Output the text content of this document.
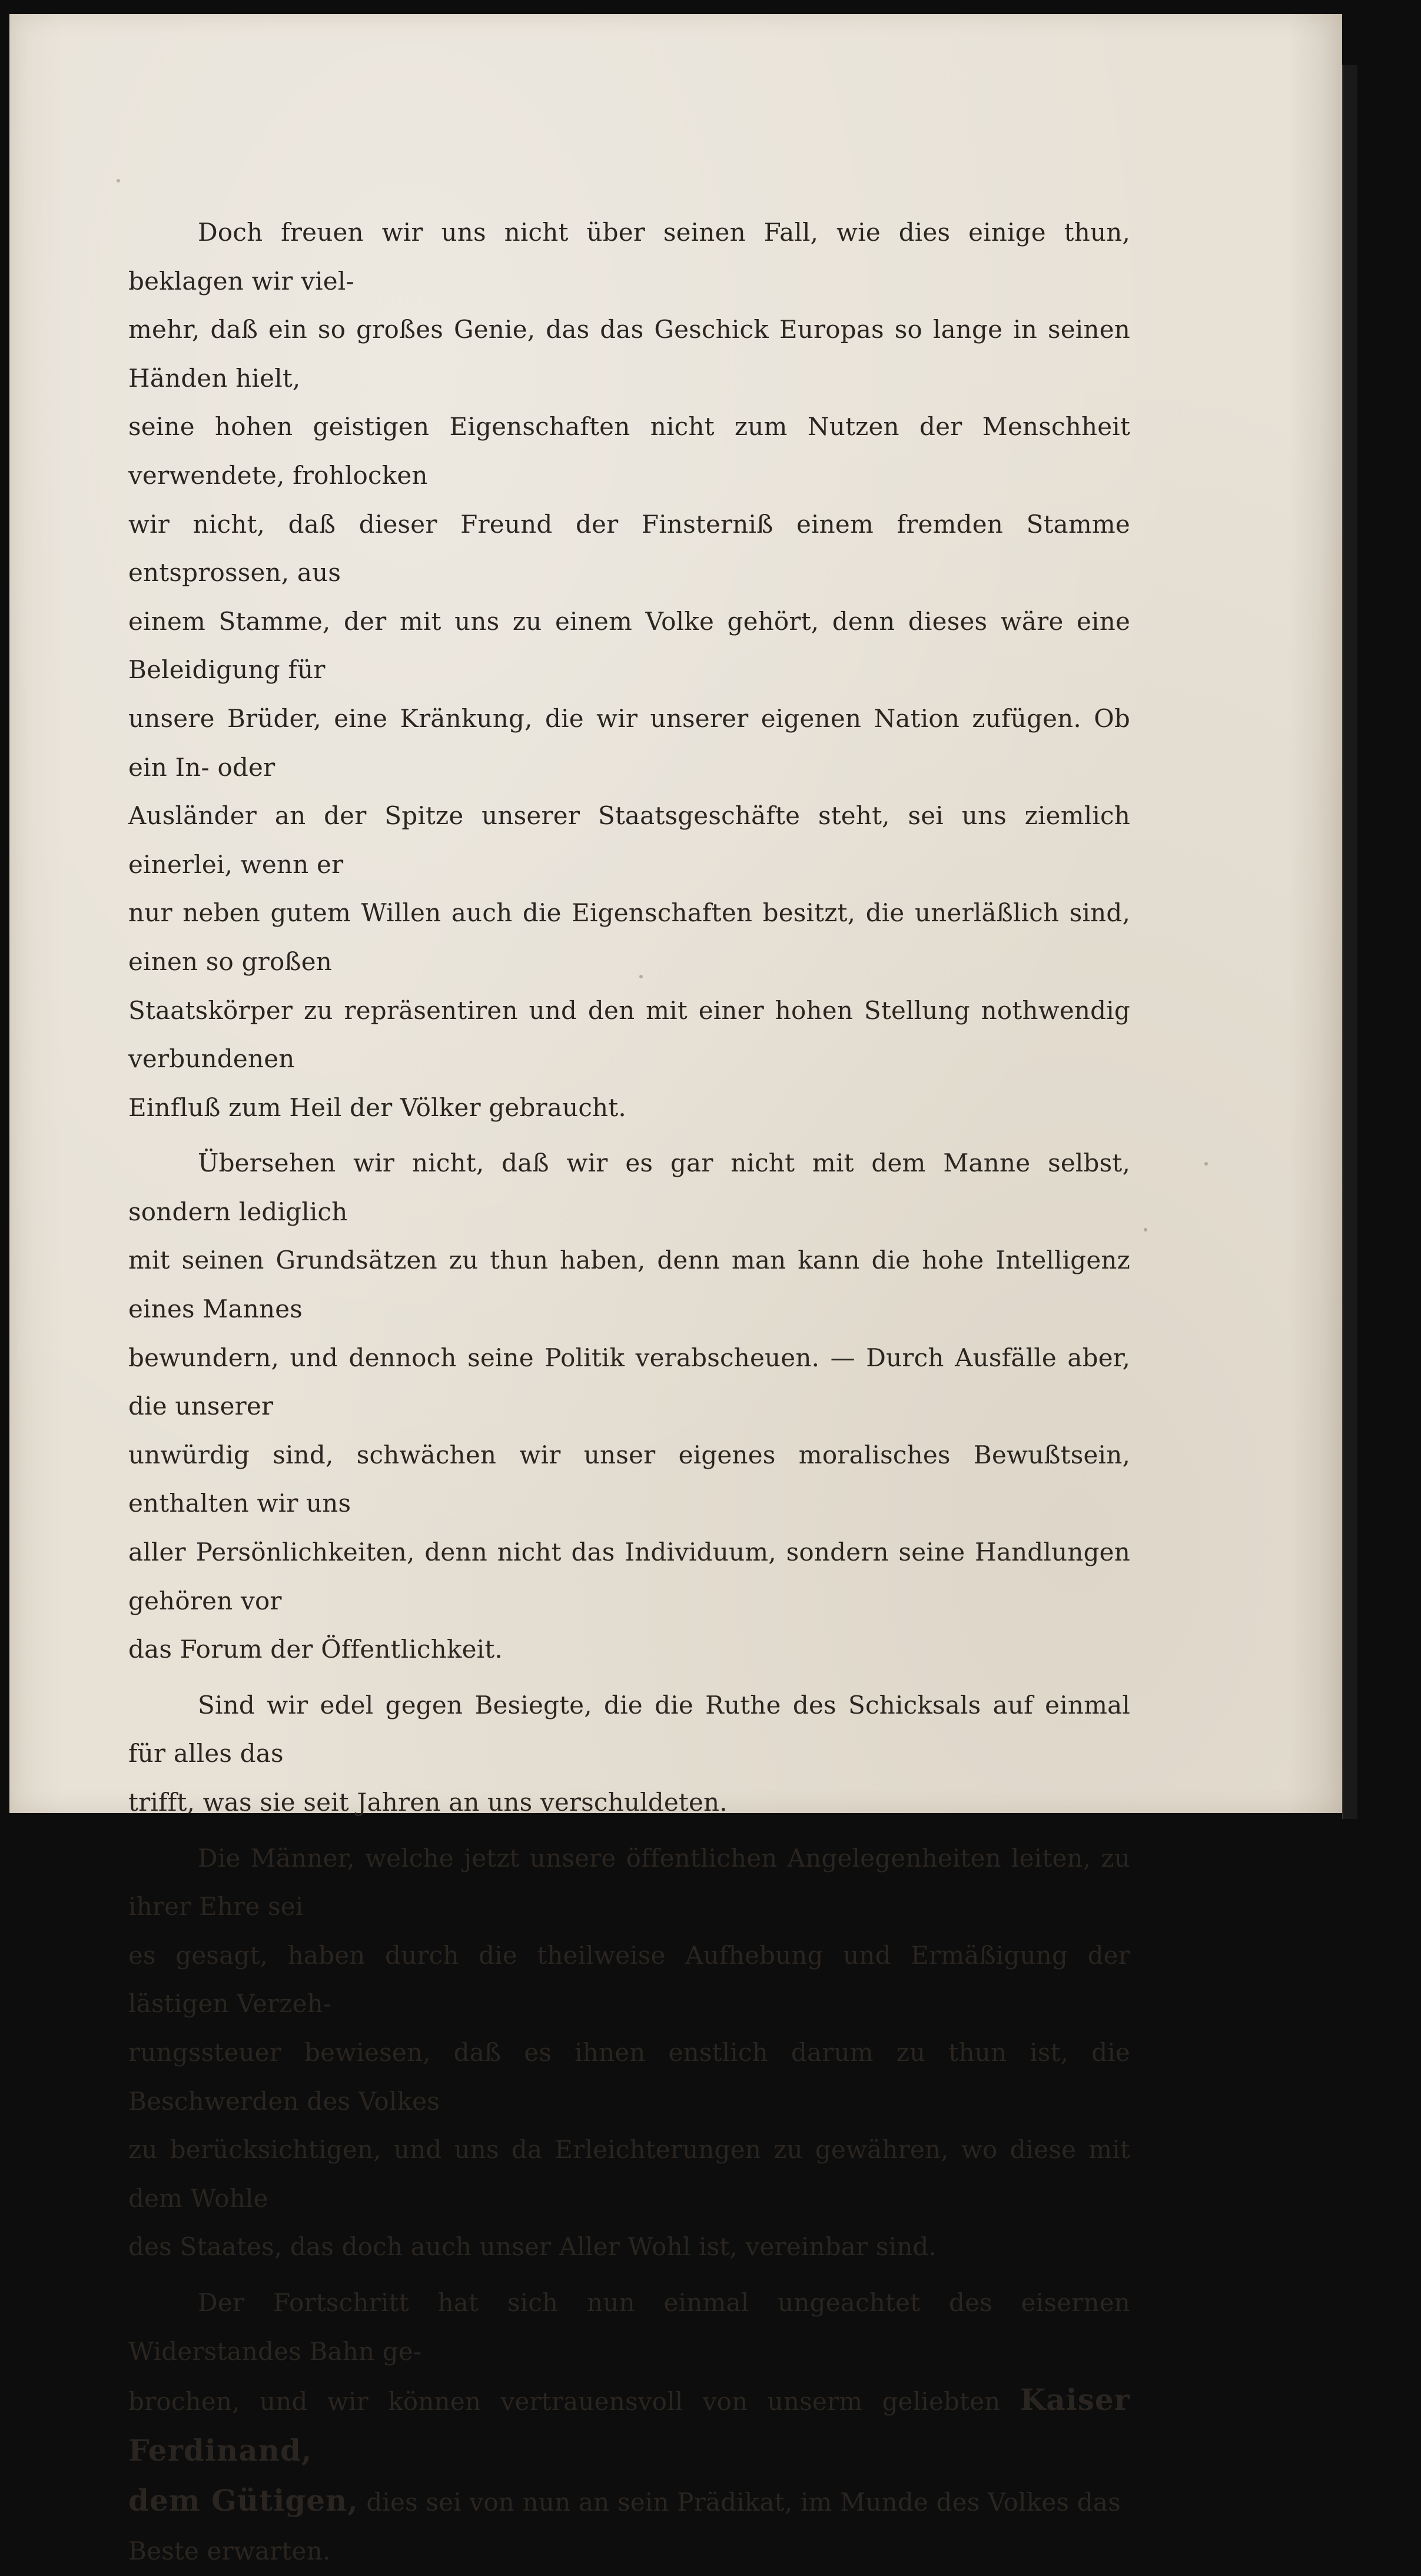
Doch freuen wir uns nicht über seinen Fall, wie dies einige thun, beklagen wir viel-
mehr, daß ein so großes Genie, das das Geschick Europas so lange in seinen Händen hielt,
seine hohen geistigen Eigenschaften nicht zum Nutzen der Menschheit verwendete, frohlocken
wir nicht, daß dieser Freund der Finsterniß einem fremden Stamme entsprossen, aus
einem Stamme, der mit uns zu einem Volke gehört, denn dieses wäre eine Beleidigung für
unsere Brüder, eine Kränkung, die wir unserer eigenen Nation zufügen. Ob ein In- oder
Ausländer an der Spitze unserer Staatsgeschäfte steht, sei uns ziemlich einerlei, wenn er
nur neben gutem Willen auch die Eigenschaften besitzt, die unerläßlich sind, einen so großen
Staatskörper zu repräsentiren und den mit einer hohen Stellung nothwendig verbundenen
Einfluß zum Heil der Völker gebraucht.

Übersehen wir nicht, daß wir es gar nicht mit dem Manne selbst, sondern lediglich
mit seinen Grundsätzen zu thun haben, denn man kann die hohe Intelligenz eines Mannes
bewundern, und dennoch seine Politik verabscheuen. — Durch Ausfälle aber, die unserer
unwürdig sind, schwächen wir unser eigenes moralisches Bewußtsein, enthalten wir uns
aller Persönlichkeiten, denn nicht das Individuum, sondern seine Handlungen gehören vor
das Forum der Öffentlichkeit.

Sind wir edel gegen Besiegte, die die Ruthe des Schicksals auf einmal für alles das
trifft, was sie seit Jahren an uns verschuldeten.

Die Männer, welche jetzt unsere öffentlichen Angelegenheiten leiten, zu ihrer Ehre sei
es gesagt, haben durch die theilweise Aufhebung und Ermäßigung der lästigen Verzeh-
rungssteuer bewiesen, daß es ihnen enstlich darum zu thun ist, die Beschwerden des Volkes
zu berücksichtigen, und uns da Erleichterungen zu gewähren, wo diese mit dem Wohle
des Staates, das doch auch unser Aller Wohl ist, vereinbar sind.

Der Fortschritt hat sich nun einmal ungeachtet des eisernen Widerstandes Bahn ge-
brochen, und wir können vertrauensvoll von unserm geliebten Kaiser Ferdinand,
dem Gütigen, dies sei von nun an sein Prädikat, im Munde des Volkes das
Beste erwarten.
